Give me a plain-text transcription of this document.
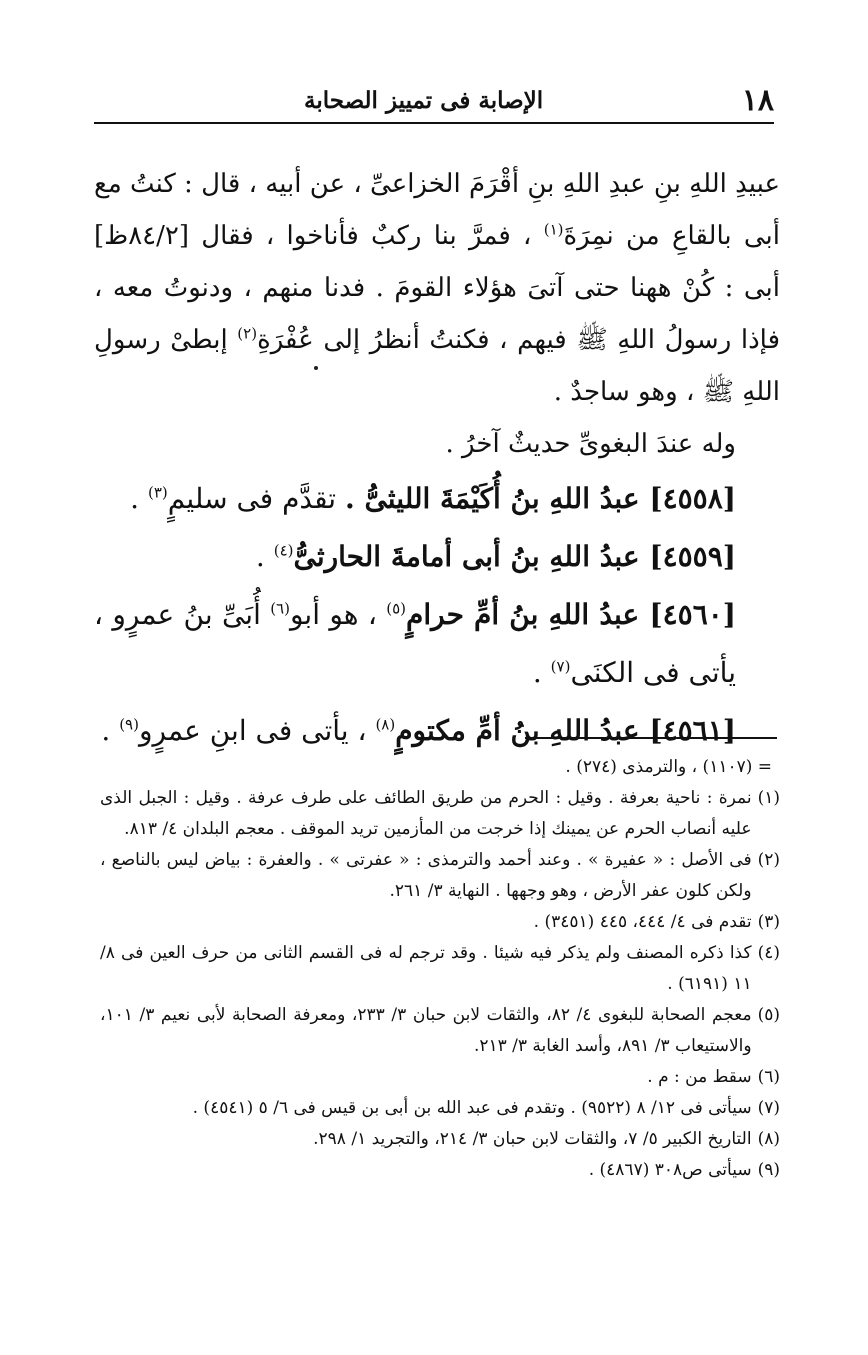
١٨
الإصابة فى تمييز الصحابة
عبيدِ اللهِ بنِ عبدِ اللهِ بنِ أقْرَمَ الخزاعىِّ ، عن أبيه ، قال : كنتُ مع أبى بالقاعِ من نمِرَةَ$^{(١)}$ ، فمرَّ بنا ركبٌ فأناخوا ، فقال [٨٤/٢ظ] أبى : كُنْ ههنا حتى آتىَ هؤلاء القومَ . فدنا منهم ، ودنوتُ معه ، فإذا رسولُ اللهِ ﷺ فيهم ، فكنتُ أنظرُ إلى عُفْرَةِ$^{(٢)}$ إبطىْ رسولِ اللهِ ﷺ ، وهو ساجدٌ .
وله عندَ البغوىِّ حديثٌ آخرُ .
[٤٥٥٨] عبدُ اللهِ بنُ أُكَيْمَةَ الليثىُّ . تقدَّم فى سليمٍ$^{(٣)}$ .
[٤٥٥٩] عبدُ اللهِ بنُ أبى أمامةَ الحارثىُّ$^{(٤)}$ .
[٤٥٦٠] عبدُ اللهِ بنُ أمِّ حرامٍ$^{(٥)}$ ، هو أبو$^{(٦)}$ أُبَىِّ بنُ عمرٍو ، يأتى فى الكنَى$^{(٧)}$ .
[٤٥٦١] عبدُ اللهِ بنُ أمِّ مكتومٍ$^{(٨)}$ ، يأتى فى ابنِ عمرٍو$^{(٩)}$ .
= (١١٠٧) ، والترمذى (٢٧٤) .
(١)
نمرة : ناحية بعرفة . وقيل : الحرم من طريق الطائف على طرف عرفة . وقيل : الجبل الذى عليه أنصاب الحرم عن يمينك إذا خرجت من المأزمين تريد الموقف . معجم البلدان ٤/ ٨١٣.
(٢)
فى الأصل : « عفيرة » . وعند أحمد والترمذى : « عفرتى » . والعفرة : بياض ليس بالناصع ، ولكن كلون عفر الأرض ، وهو وجهها . النهاية ٣/ ٢٦١.
(٣)
تقدم فى ٤/ ٤٤٤، ٤٤٥ (٣٤٥١) .
(٤)
كذا ذكره المصنف ولم يذكر فيه شيئا . وقد ترجم له فى القسم الثانى من حرف العين فى ٨/ ١١ (٦١٩١) .
(٥)
معجم الصحابة للبغوى ٤/ ٨٢، والثقات لابن حبان ٣/ ٢٣٣، ومعرفة الصحابة لأبى نعيم ٣/ ١٠١، والاستيعاب ٣/ ٨٩١، وأسد الغابة ٣/ ٢١٣.
(٦)
سقط من : م .
(٧)
سيأتى فى ١٢/ ٨ (٩٥٢٢) . وتقدم فى عبد الله بن أبى بن قيس فى ٦/ ٥ (٤٥٤١) .
(٨)
التاريخ الكبير ٥/ ٧، والثقات لابن حبان ٣/ ٢١٤، والتجريد ١/ ٢٩٨.
(٩)
سيأتى ص٣٠٨ (٤٨٦٧) .
